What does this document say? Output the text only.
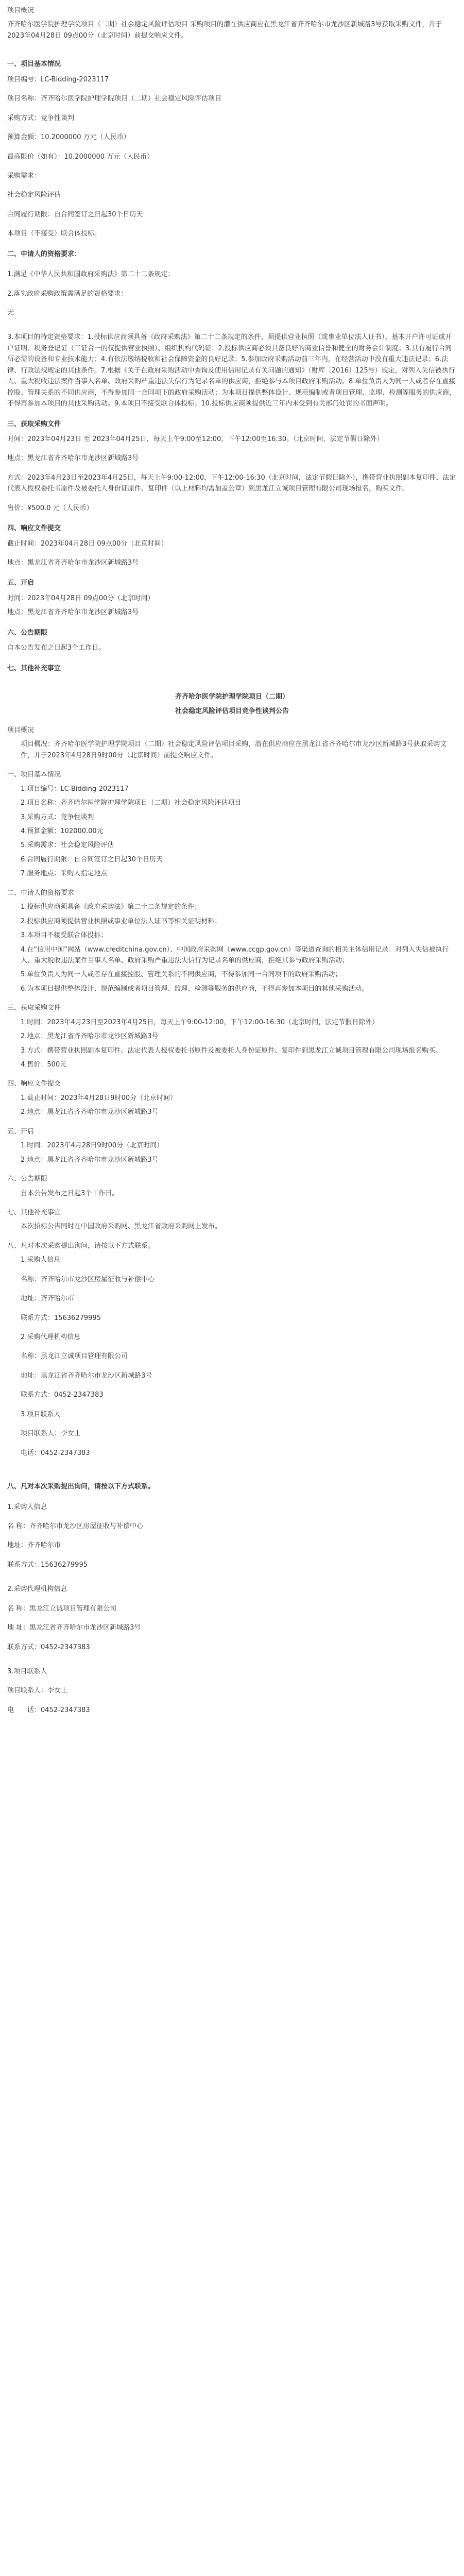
项目概况

齐齐哈尔医学院护理学院项目（二期）社会稳定风险评估项目 采购项目的潜在供应商应在黑龙江省齐齐哈尔市龙沙区新城路3号获取采购文件，并于2023年04月28日 09点00分（北京时间）前提交响应文件。

一、项目基本情况

项目编号：LC-Bidding-2023117

项目名称：齐齐哈尔医学院护理学院项目（二期）社会稳定风险评估项目

采购方式：竞争性谈判

预算金额：10.2000000 万元（人民币）

最高限价（如有）：10.2000000 万元（人民币）

采购需求：

社会稳定风险评估

合同履行期限：自合同签订之日起30个日历天

本项目（不接受）联合体投标。

二、申请人的资格要求：

1.满足《中华人民共和国政府采购法》第二十二条规定；

2.落实政府采购政策需满足的资格要求：

无

3.本项目的特定资格要求：1.投标供应商须具备《政府采购法》第二十二条规定的条件，须提供营业执照（或事业单位法人证书）、基本开户许可证或开户证明、税务登记证（三证合一的仅提供营业执照）、组织机构代码证；2.投标供应商必须具备良好的商业信誉和健全的财务会计制度；3.具有履行合同所必需的设备和专业技术能力；4.有依法缴纳税收和社会保障资金的良好记录；5.参加政府采购活动前三年内，在经营活动中没有重大违法记录；6.法律、行政法规规定的其他条件。7.根据《关于在政府采购活动中查询及使用信用记录有关问题的通知》（财库〔2016〕125号）规定，对列入失信被执行人、重大税收违法案件当事人名单、政府采购严重违法失信行为记录名单的供应商，拒绝参与本项目政府采购活动。8.单位负责人为同一人或者存在直接控股、管理关系的不同供应商，不得参加同一合同项下的政府采购活动；为本项目提供整体设计、规范编制或者项目管理、监理、检测等服务的供应商，不得再参加本项目的其他采购活动。9.本项目不接受联合体投标。10.投标供应商须提供近三年内未受到有关部门处罚的书面声明。

三、获取采购文件

时间：2023年04月23日 至 2023年04月25日，每天上午9:00至12:00，下午12:00至16:30。（北京时间，法定节假日除外）

地点：黑龙江省齐齐哈尔市龙沙区新城路3号

方式：2023年4月23日至2023年4月25日，每天上午9:00-12:00，下午12:00-16:30（北京时间，法定节假日除外），携带营业执照副本复印件、法定代表人授权委托书原件及被委托人身份证原件、复印件（以上材料均需加盖公章）到黑龙江立诚项目管理有限公司现场报名，购买文件。

售价：¥500.0 元（人民币）

四、响应文件提交

截止时间：2023年04月28日 09点00分（北京时间）

地点：黑龙江省齐齐哈尔市龙沙区新城路3号

五、开启

时间：2023年04月28日 09点00分（北京时间）

地点：黑龙江省齐齐哈尔市龙沙区新城路3号

六、公告期限

自本公告发布之日起3个工作日。

七、其他补充事宜

齐齐哈尔医学院护理学院项目（二期）

社会稳定风险评估项目竞争性谈判公告

项目概况

项目概况：齐齐哈尔医学院护理学院项目（二期）社会稳定风险评估项目采购，潜在供应商应在黑龙江省齐齐哈尔市龙沙区新城路3号获取采购文件，并于2023年4月28日9时00分（北京时间）前提交响应文件。

一、项目基本情况

1.项目编号：LC-Bidding-2023117

2.项目名称：齐齐哈尔医学院护理学院项目（二期）社会稳定风险评估项目

3.采购方式：竞争性谈判

4.预算金额：102000.00元

5.采购需求：社会稳定风险评估

6.合同履行期限：自合同签订之日起30个日历天

7.服务地点：采购人指定地点

二、申请人的资格要求

1.投标供应商须具备《政府采购法》第二十二条规定的条件；

2.投标供应商须提供营业执照或事业单位法人证书等相关证明材料；

3.本项目不接受联合体投标；

4.在“信用中国”网站（www.creditchina.gov.cn）、中国政府采购网（www.ccgp.gov.cn）等渠道查询的相关主体信用记录：对列入失信被执行人、重大税收违法案件当事人名单、政府采购严重违法失信行为记录名单的供应商，拒绝其参与政府采购活动；

5.单位负责人为同一人或者存在直接控股、管理关系的不同供应商，不得参加同一合同项下的政府采购活动；

6.为本项目提供整体设计、规范编制或者项目管理、监理、检测等服务的供应商，不得再参加本项目的其他采购活动。

三、获取采购文件

1.时间：2023年4月23日至2023年4月25日，每天上午9:00-12:00，下午12:00-16:30（北京时间，法定节假日除外）

2.地点：黑龙江省齐齐哈尔市龙沙区新城路3号

3.方式：携带营业执照副本复印件、法定代表人授权委托书原件及被委托人身份证原件、复印件到黑龙江立诚项目管理有限公司现场报名购买。

4.售价：500元

四、响应文件提交

1.截止时间：2023年4月28日9时00分（北京时间）

2.地点：黑龙江省齐齐哈尔市龙沙区新城路3号

五、开启

1.时间：2023年4月28日9时00分（北京时间）

2.地点：黑龙江省齐齐哈尔市龙沙区新城路3号

六、公告期限

自本公告发布之日起3个工作日。

七、其他补充事宜

本次招标公告同时在中国政府采购网、黑龙江省政府采购网上发布。

八、凡对本次采购提出询问，请按以下方式联系。

1.采购人信息

名称：齐齐哈尔市龙沙区房屋征收与补偿中心

地址：齐齐哈尔市

联系方式：15636279995

2.采购代理机构信息

名称：黑龙江立诚项目管理有限公司

地址：黑龙江省齐齐哈尔市龙沙区新城路3号

联系方式：0452-2347383

3.项目联系人

项目联系人：李女士

电话：0452-2347383

八、凡对本次采购提出询问，请按以下方式联系。

1.采购人信息

名 称：齐齐哈尔市龙沙区房屋征收与补偿中心

地址：齐齐哈尔市

联系方式：15636279995

2.采购代理机构信息

名 称：黑龙江立诚项目管理有限公司

地 址：黑龙江省齐齐哈尔市龙沙区新城路3号

联系方式：0452-2347383

3.项目联系人

项目联系人：李女士

电　　话：0452-2347383
